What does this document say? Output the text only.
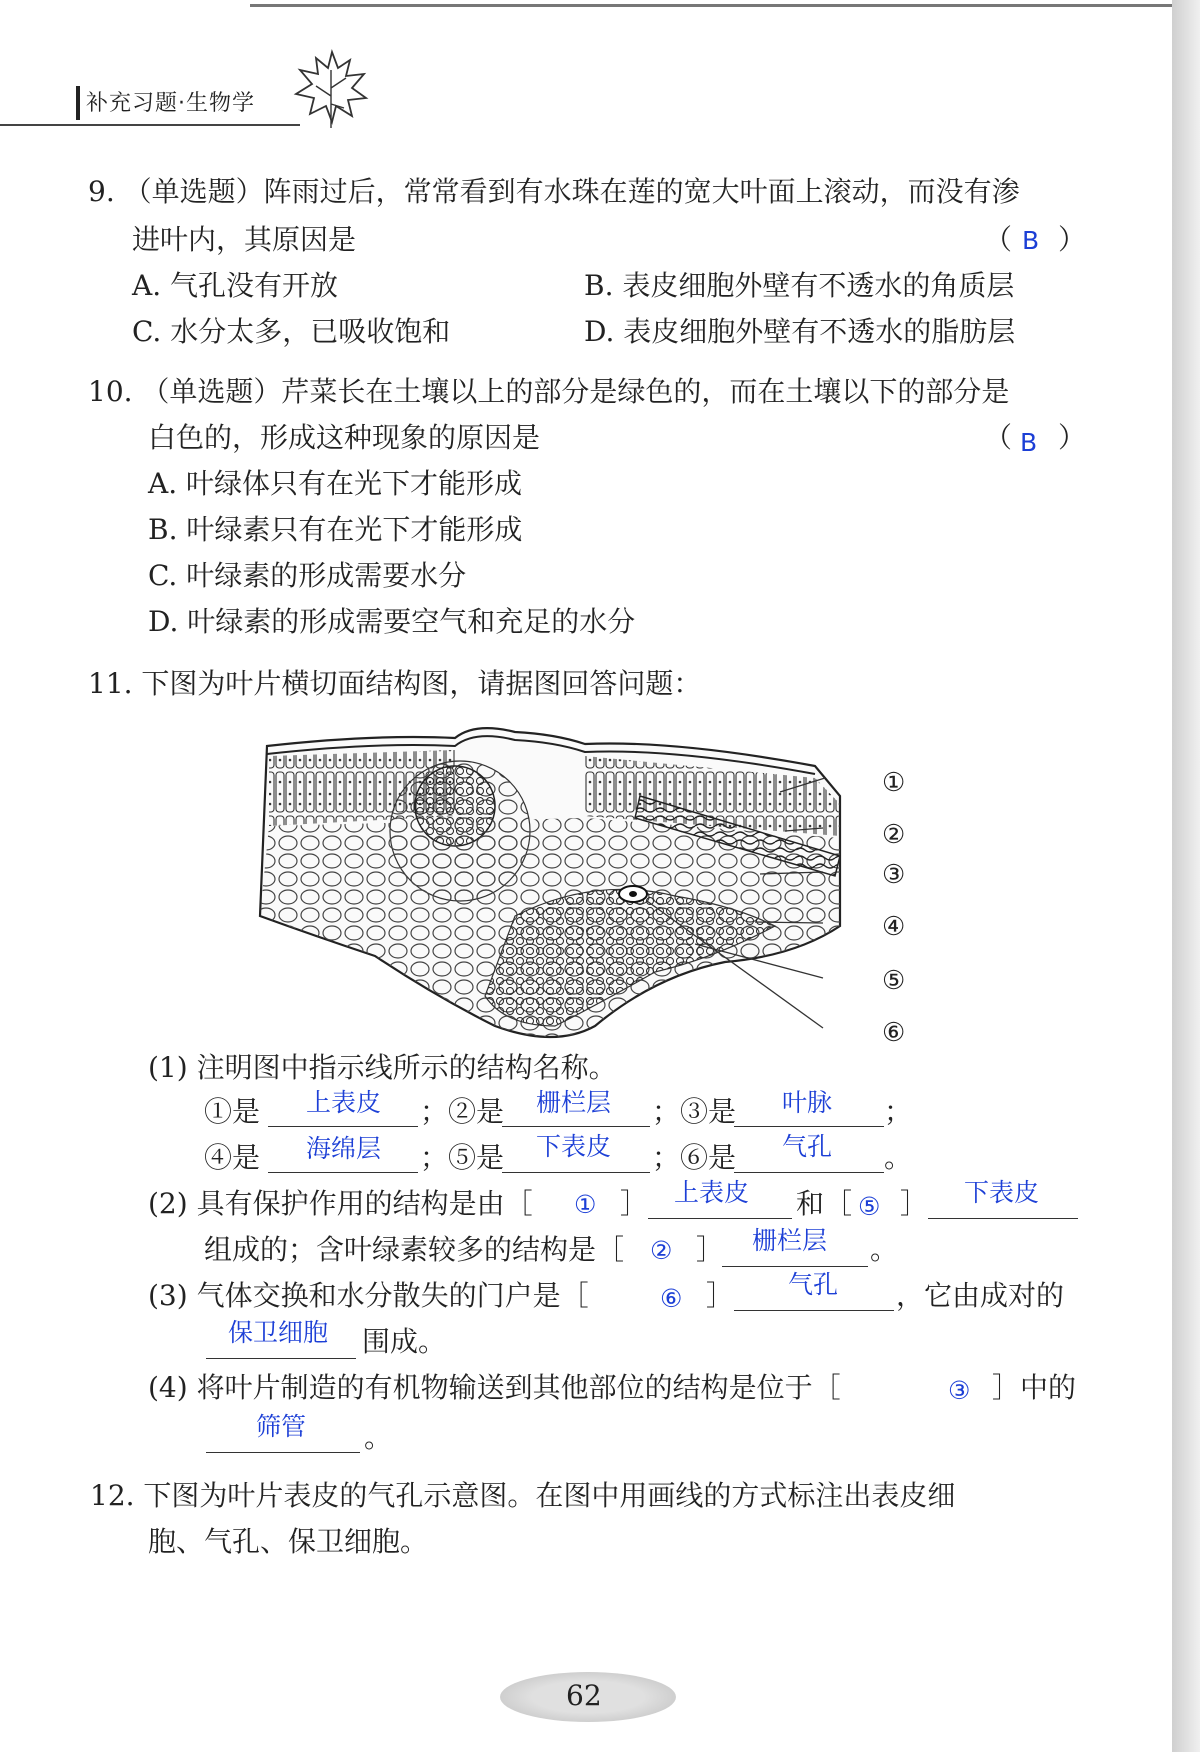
补充习题·生物学
9. （单选题）阵雨过后，常常看到有水珠在莲的宽大叶面上滚动，而没有渗
进叶内，其原因是	（ B ）
A. 气孔没有开放	B. 表皮细胞外壁有不透水的角质层
C. 水分太多，已吸收饱和	D. 表皮细胞外壁有不透水的脂肪层
10. （单选题）芹菜长在土壤以上的部分是绿色的，而在土壤以下的部分是
白色的，形成这种现象的原因是	（ B ）
A. 叶绿体只有在光下才能形成
B. 叶绿素只有在光下才能形成
C. 叶绿素的形成需要水分
D. 叶绿素的形成需要空气和充足的水分
11. 下图为叶片横切面结构图，请据图回答问题：
①
②
③
④
⑤
⑥
(1) 注明图中指示线所示的结构名称。
①是 上表皮 ；②是 栅栏层 ；③是 叶脉 ；
④是 海绵层 ；⑤是 下表皮 ；⑥是 气孔 。
(2) 具有保护作用的结构是由［ ① ］ 上表皮 和［ ⑤ ］ 下表皮
组成的；含叶绿素较多的结构是［ ② ］ 栅栏层 。
(3) 气体交换和水分散失的门户是［	⑥ ］ 气孔 ，它由成对的
保卫细胞 围成。
(4) 将叶片制造的有机物输送到其他部位的结构是位于［	③ ］中的
筛管 。
12. 下图为叶片表皮的气孔示意图。在图中用画线的方式标注出表皮细
胞、气孔、保卫细胞。
62
